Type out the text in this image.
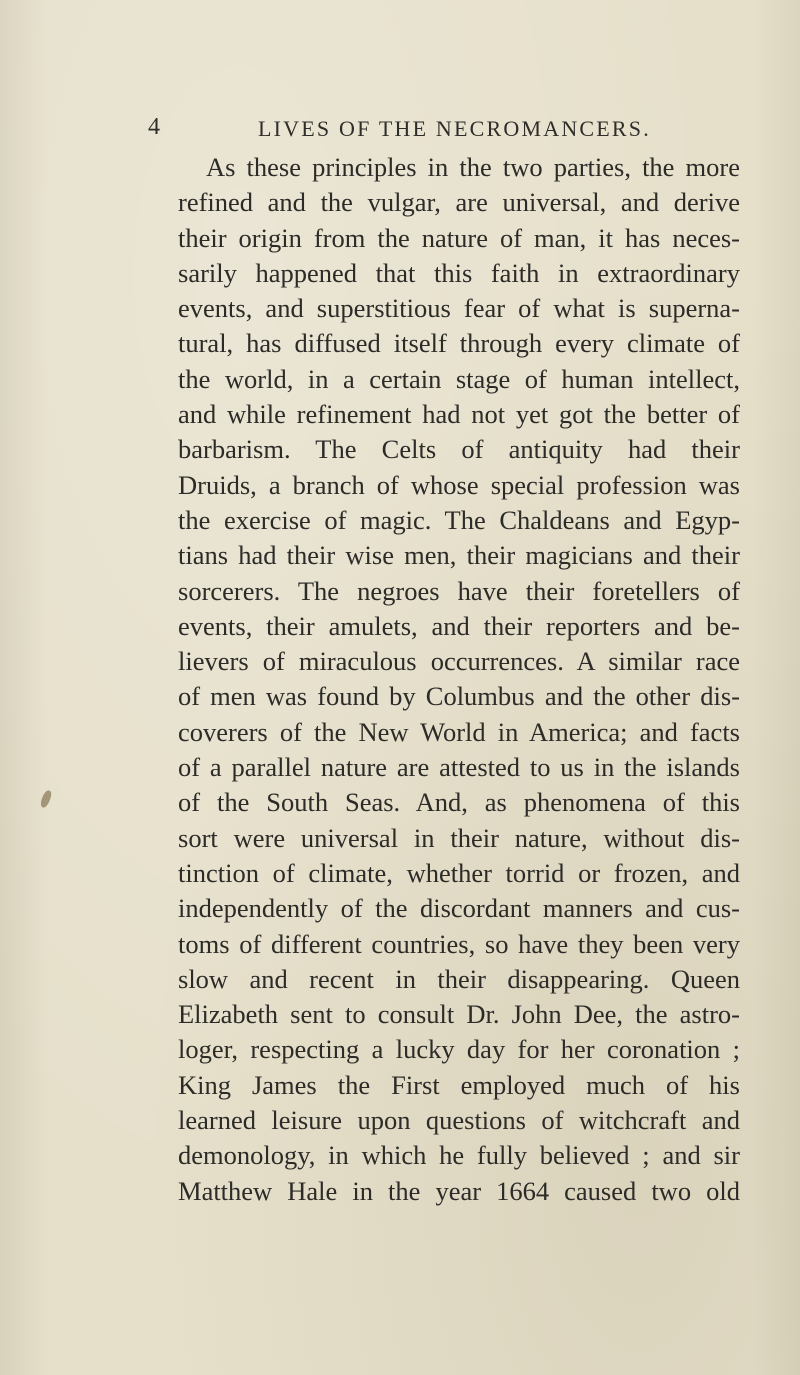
4	LIVES OF THE NECROMANCERS.
As these principles in the two parties, the more
refined and the vulgar, are universal, and derive
their origin from the nature of man, it has neces-
sarily happened that this faith in extraordinary
events, and superstitious fear of what is superna-
tural, has diffused itself through every climate of
the world, in a certain stage of human intellect,
and while refinement had not yet got the better of
barbarism. The Celts of antiquity had their
Druids, a branch of whose special profession was
the exercise of magic. The Chaldeans and Egyp-
tians had their wise men, their magicians and their
sorcerers. The negroes have their foretellers of
events, their amulets, and their reporters and be-
lievers of miraculous occurrences. A similar race
of men was found by Columbus and the other dis-
coverers of the New World in America; and facts
of a parallel nature are attested to us in the islands
of the South Seas. And, as phenomena of this
sort were universal in their nature, without dis-
tinction of climate, whether torrid or frozen, and
independently of the discordant manners and cus-
toms of different countries, so have they been very
slow and recent in their disappearing. Queen
Elizabeth sent to consult Dr. John Dee, the astro-
loger, respecting a lucky day for her coronation ;
King James the First employed much of his
learned leisure upon questions of witchcraft and
demonology, in which he fully believed ; and sir
Matthew Hale in the year 1664 caused two old
